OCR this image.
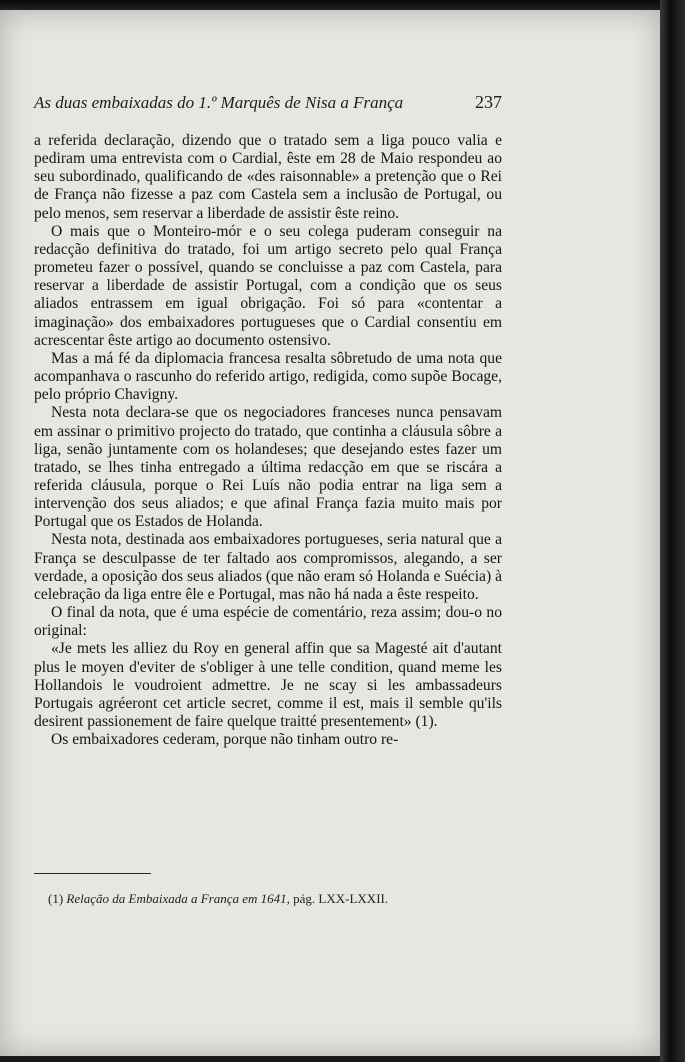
As duas embaixadas do 1.º Marquês de Nisa a França	237

a referida declaração, dizendo que o tratado sem a liga pouco valia e pediram uma entrevista com o Cardial, êste em 28 de Maio respondeu ao seu subordinado, qualificando de «des raisonnable» a pretenção que o Rei de França não fizesse a paz com Castela sem a inclusão de Portugal, ou pelo menos, sem reservar a liberdade de assistir êste reino.

O mais que o Monteiro-mór e o seu colega puderam conseguir na redacção definitiva do tratado, foi um artigo secreto pelo qual França prometeu fazer o possível, quando se concluisse a paz com Castela, para reservar a liberdade de assistir Portugal, com a condição que os seus aliados entrassem em igual obrigação. Foi só para «contentar a imaginação» dos embaixadores portugueses que o Cardial consentiu em acrescentar êste artigo ao documento ostensivo.

Mas a má fé da diplomacia francesa resalta sôbretudo de uma nota que acompanhava o rascunho do referido artigo, redigida, como supõe Bocage, pelo próprio Chavigny.

Nesta nota declara-se que os negociadores franceses nunca pensavam em assinar o primitivo projecto do tratado, que continha a cláusula sôbre a liga, senão juntamente com os holandeses; que desejando estes fazer um tratado, se lhes tinha entregado a última redacção em que se riscára a referida cláusula, porque o Rei Luís não podia entrar na liga sem a intervenção dos seus aliados; e que afinal França fazia muito mais por Portugal que os Estados de Holanda.

Nesta nota, destinada aos embaixadores portugueses, seria natural que a França se desculpasse de ter faltado aos compromissos, alegando, a ser verdade, a oposição dos seus aliados (que não eram só Holanda e Suécia) à celebração da liga entre êle e Portugal, mas não há nada a êste respeito.

O final da nota, que é uma espécie de comentário, reza assim; dou-o no original:

«Je mets les alliez du Roy en general affin que sa Magesté ait d'autant plus le moyen d'eviter de s'obliger à une telle condition, quand meme les Hollandois le voudroient admettre. Je ne scay si les ambassadeurs Portugais agréeront cet article secret, comme il est, mais il semble qu'ils desirent passionement de faire quelque traitté presentement» (1).

Os embaixadores cederam, porque não tinham outro re-

(1) Relação da Embaixada a França em 1641, pág. LXX-LXXII.
